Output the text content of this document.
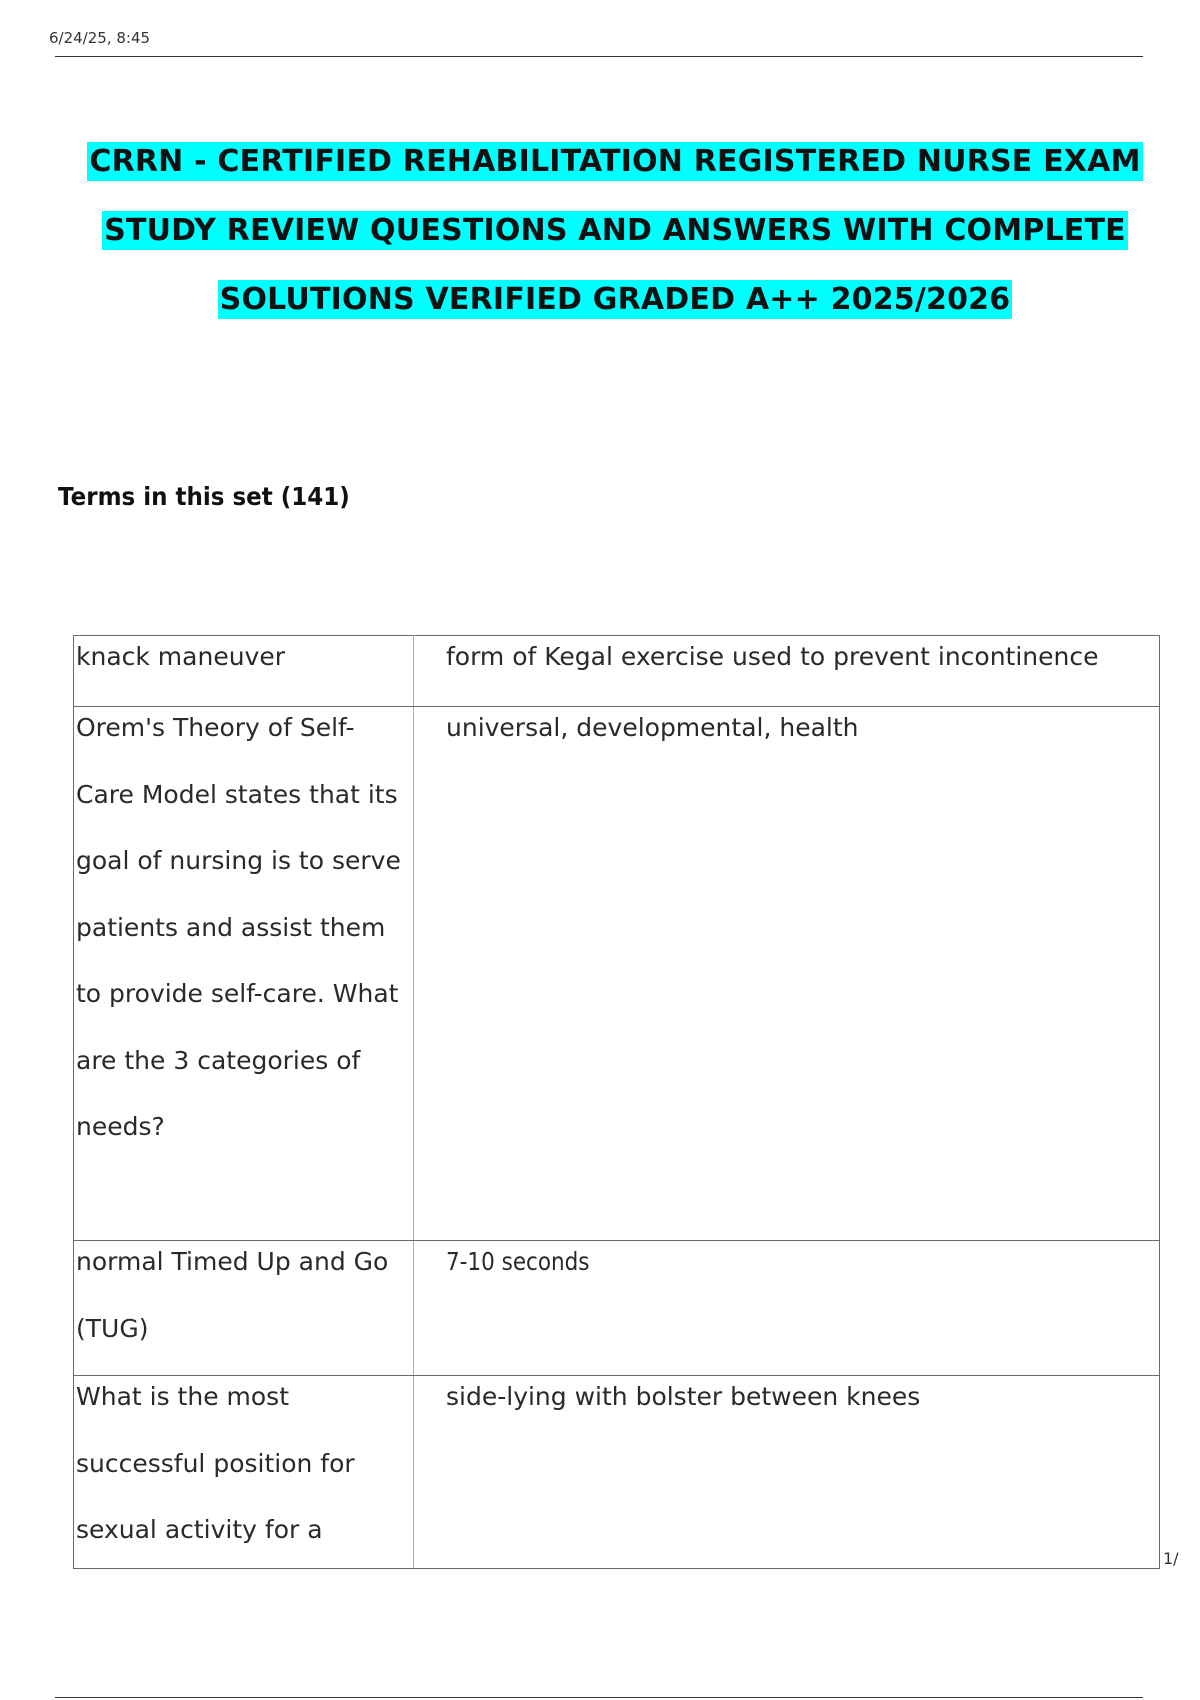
6/24/25, 8:45
CRRN - CERTIFIED REHABILITATION REGISTERED NURSE EXAM
STUDY REVIEW QUESTIONS AND ANSWERS WITH COMPLETE
SOLUTIONS VERIFIED GRADED A++ 2025/2026
Terms in this set (141)
knack maneuver	form of Kegal exercise used to prevent incontinence

Orem's Theory of Self-Care Model states that its goal of nursing is to serve patients and assist them to provide self-care. What are the 3 categories of needs?	universal, developmental, health

normal Timed Up and Go (TUG)	7-10 seconds

What is the most successful position for sexual activity for a	side-lying with bolster between knees
1/
